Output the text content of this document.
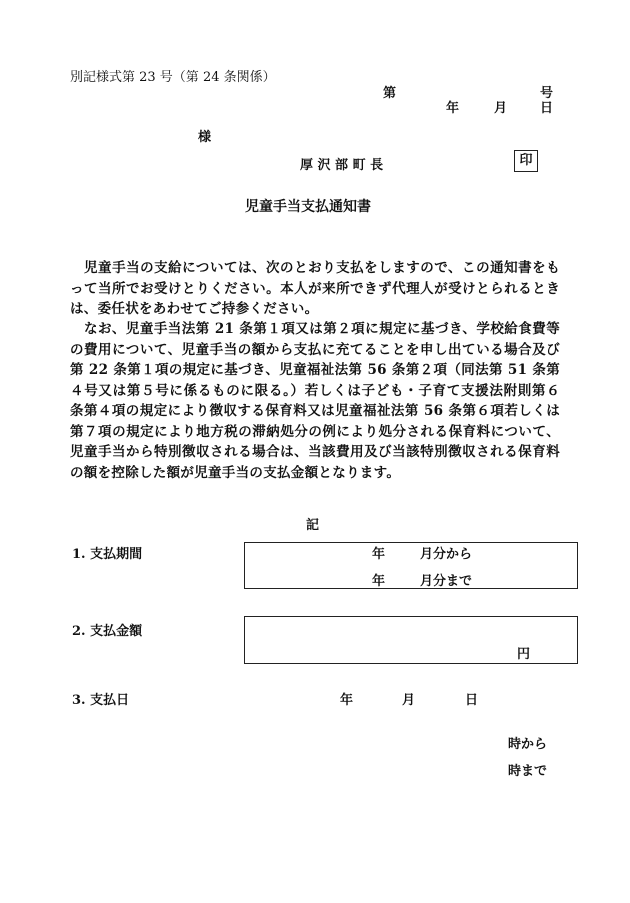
別記様式第 23 号（第 24 条関係）
第	号
年	月	日
様
厚 沢 部 町 長	印
児童手当支払通知書
　児童手当の支給については、次のとおり支払をしますので、この通知書をもって当所でお受けとりください。本人が来所できず代理人が受けとられるときは、委任状をあわせてご持参ください。
　なお、児童手当法第 21 条第１項又は第２項に規定に基づき、学校給食費等の費用について、児童手当の額から支払に充てることを申し出ている場合及び第 22 条第１項の規定に基づき、児童福祉法第 56 条第２項（同法第 51 条第４号又は第５号に係るものに限る。）若しくは子ども・子育て支援法附則第６条第４項の規定により徴収する保育料又は児童福祉法第 56 条第６項若しくは第７項の規定により地方税の滞納処分の例により処分される保育料について、児童手当から特別徴収される場合は、当該費用及び当該特別徴収される保育料の額を控除した額が児童手当の支払金額となります。
記
1. 支払期間	年	月分から
年	月分まで
2. 支払金額
円
3. 支払日	年	月	日
時から
時まで
